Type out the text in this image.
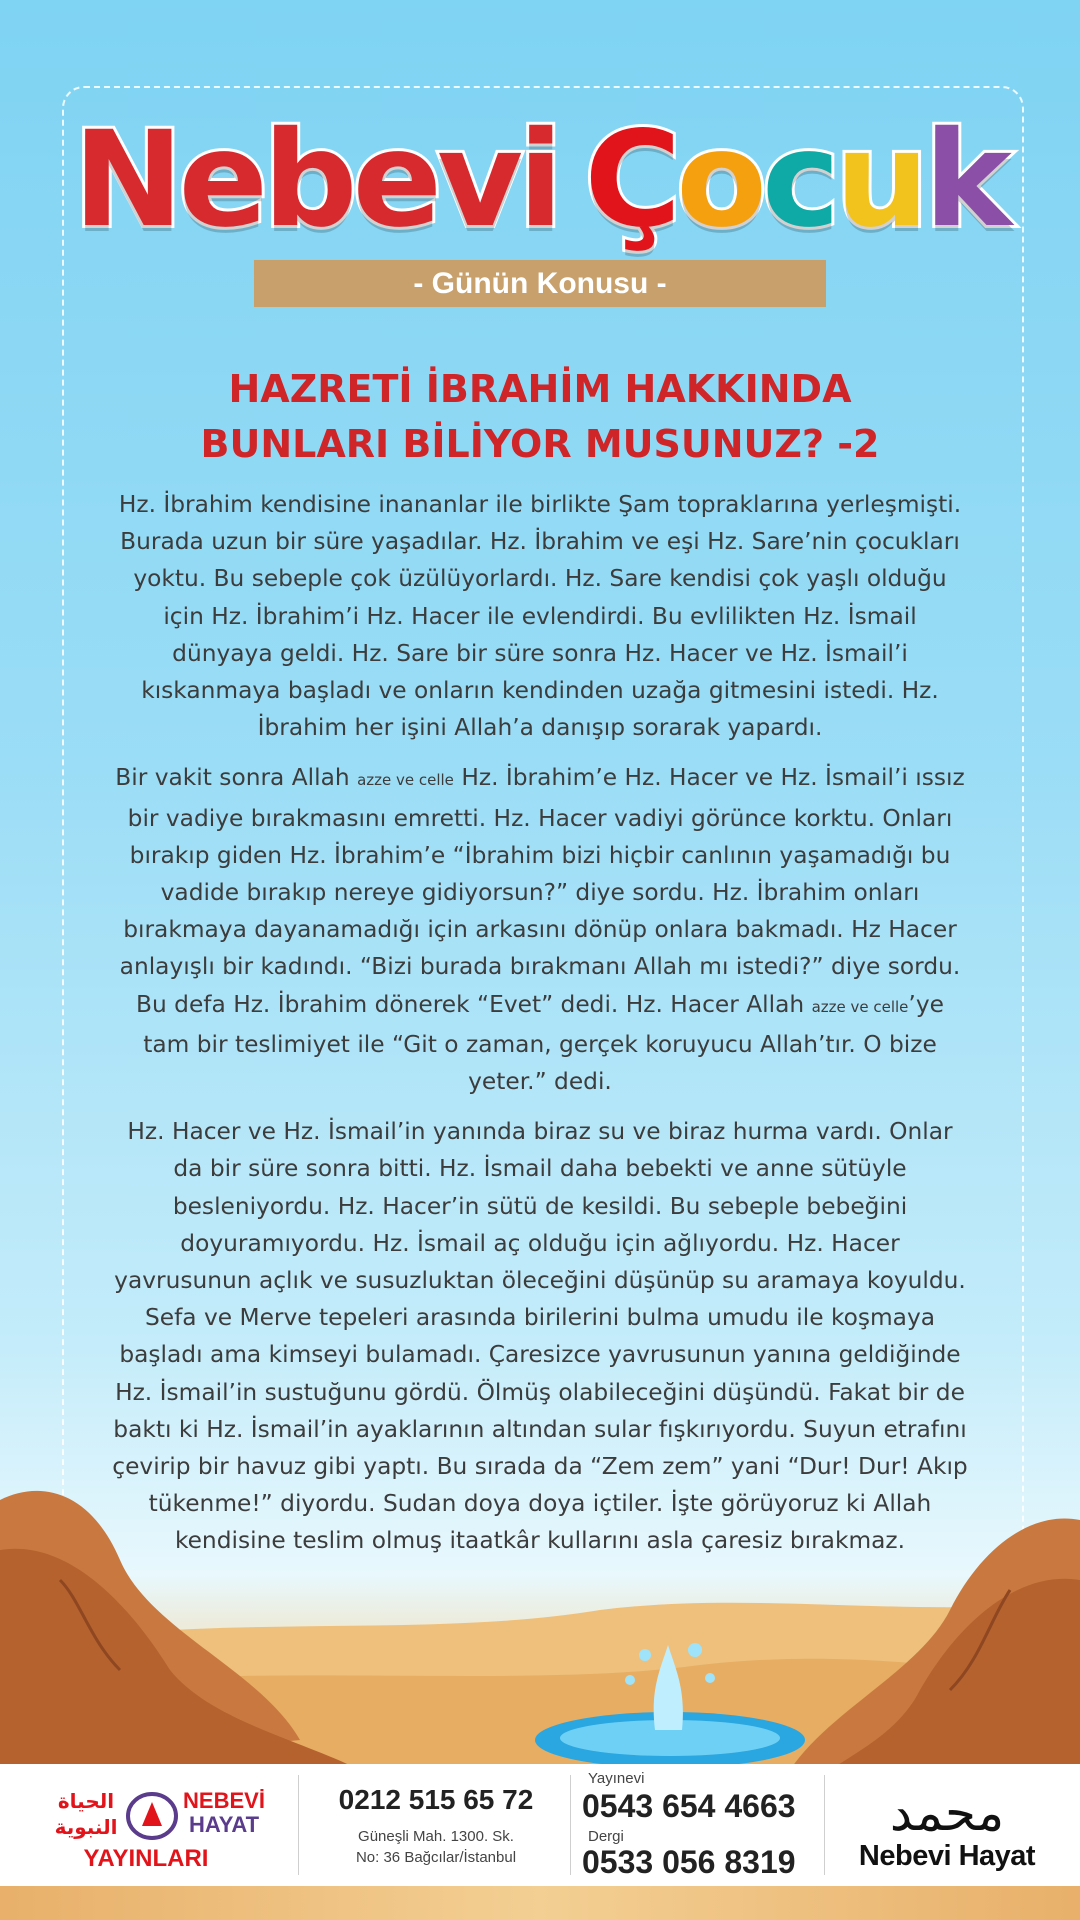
Nebevi Çocuk
- Günün Konusu -
HAZRETİ İBRAHİM HAKKINDA
BUNLARI BİLİYOR MUSUNUZ? -2

Hz. İbrahim kendisine inananlar ile birlikte Şam topraklarına yerleşmişti. Burada uzun bir süre yaşadılar. Hz. İbrahim ve eşi Hz. Sare’nin çocukları yoktu. Bu sebeple çok üzülüyorlardı. Hz. Sare kendisi çok yaşlı olduğu için Hz. İbrahim’i Hz. Hacer ile evlendirdi. Bu evlilikten Hz. İsmail dünyaya geldi. Hz. Sare bir süre sonra Hz. Hacer ve Hz. İsmail’i kıskanmaya başladı ve onların kendinden uzağa gitmesini istedi. Hz. İbrahim her işini Allah’a danışıp sorarak yapardı.

Bir vakit sonra Allah azze ve celle Hz. İbrahim’e Hz. Hacer ve Hz. İsmail’i ıssız bir vadiye bırakmasını emretti. Hz. Hacer vadiyi görünce korktu. Onları bırakıp giden Hz. İbrahim’e “İbrahim bizi hiçbir canlının yaşamadığı bu vadide bırakıp nereye gidiyorsun?” diye sordu. Hz. İbrahim onları bırakmaya dayanamadığı için arkasını dönüp onlara bakmadı. Hz Hacer anlayışlı bir kadındı. “Bizi burada bırakmanı Allah mı istedi?” diye sordu. Bu defa Hz. İbrahim dönerek “Evet” dedi. Hz. Hacer Allah azze ve celle’ye tam bir teslimiyet ile “Git o zaman, gerçek koruyucu Allah’tır. O bize yeter.” dedi.

Hz. Hacer ve Hz. İsmail’in yanında biraz su ve biraz hurma vardı. Onlar da bir süre sonra bitti. Hz. İsmail daha bebekti ve anne sütüyle besleniyordu. Hz. Hacer’in sütü de kesildi. Bu sebeple bebeğini doyuramıyordu. Hz. İsmail aç olduğu için ağlıyordu. Hz. Hacer yavrusunun açlık ve susuzluktan öleceğini düşünüp su aramaya koyuldu. Sefa ve Merve tepeleri arasında birilerini bulma umudu ile koşmaya başladı ama kimseyi bulamadı. Çaresizce yavrusunun yanına geldiğinde Hz. İsmail’in sustuğunu gördü. Ölmüş olabileceğini düşündü. Fakat bir de baktı ki Hz. İsmail’in ayaklarının altından sular fışkırıyordu. Suyun etrafını çevirip bir havuz gibi yaptı. Bu sırada da “Zem zem” yani “Dur! Dur! Akıp tükenme!” diyordu. Sudan doya doya içtiler. İşte görüyoruz ki Allah kendisine teslim olmuş itaatkâr kullarını asla çaresiz bırakmaz.

الحياة
النبوية
NEBEVİ
HAYAT
YAYINLARI
0212 515 65 72
Güneşli Mah. 1300. Sk.
No: 36 Bağcılar/İstanbul
Yayınevi
0543 654 4663
Dergi
0533 056 8319
محمد
Nebevi Hayat
